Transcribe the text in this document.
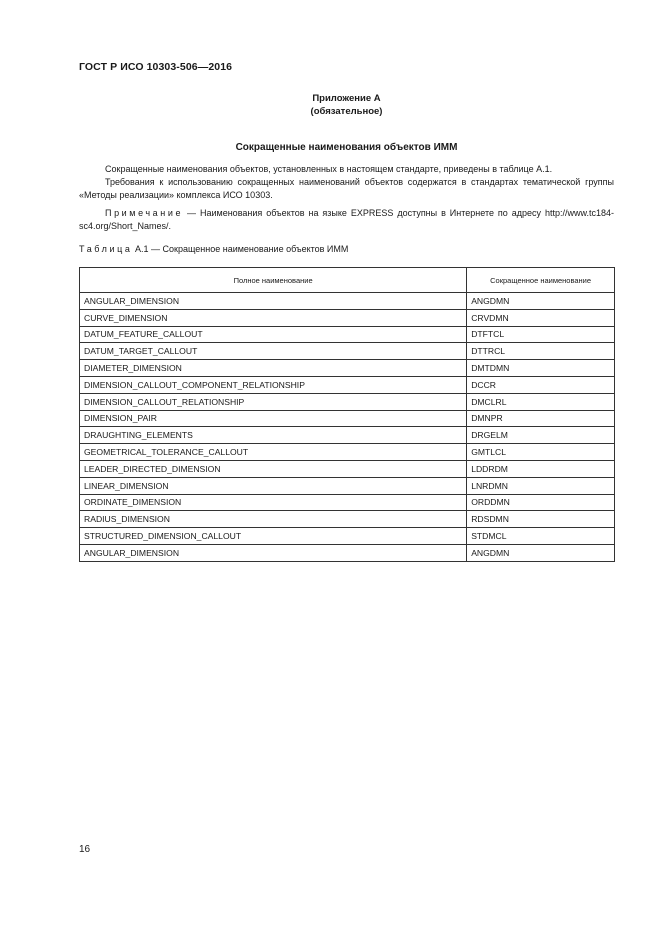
ГОСТ Р ИСО 10303-506—2016
Приложение А
(обязательное)
Сокращенные наименования объектов ИММ
Сокращенные наименования объектов, установленных в настоящем стандарте, приведены в таблице А.1.
Требования к использованию сокращенных наименований объектов содержатся в стандартах тематической группы «Методы реализации» комплекса ИСО 10303.
Примечание — Наименования объектов на языке EXPRESS доступны в Интернете по адресу http://www.tc184-sc4.org/Short_Names/.
Таблица А.1 — Сокращенное наименование объектов ИММ
Полное наименование	Сокращенное наименование
ANGULAR_DIMENSION	ANGDMN
CURVE_DIMENSION	CRVDMN
DATUM_FEATURE_CALLOUT	DTFTCL
DATUM_TARGET_CALLOUT	DTTRCL
DIAMETER_DIMENSION	DMTDMN
DIMENSION_CALLOUT_COMPONENT_RELATIONSHIP	DCCR
DIMENSION_CALLOUT_RELATIONSHIP	DMCLRL
DIMENSION_PAIR	DMNPR
DRAUGHTING_ELEMENTS	DRGELM
GEOMETRICAL_TOLERANCE_CALLOUT	GMTLCL
LEADER_DIRECTED_DIMENSION	LDDRDM
LINEAR_DIMENSION	LNRDMN
ORDINATE_DIMENSION	ORDDMN
RADIUS_DIMENSION	RDSDMN
STRUCTURED_DIMENSION_CALLOUT	STDMCL
ANGULAR_DIMENSION	ANGDMN
16
